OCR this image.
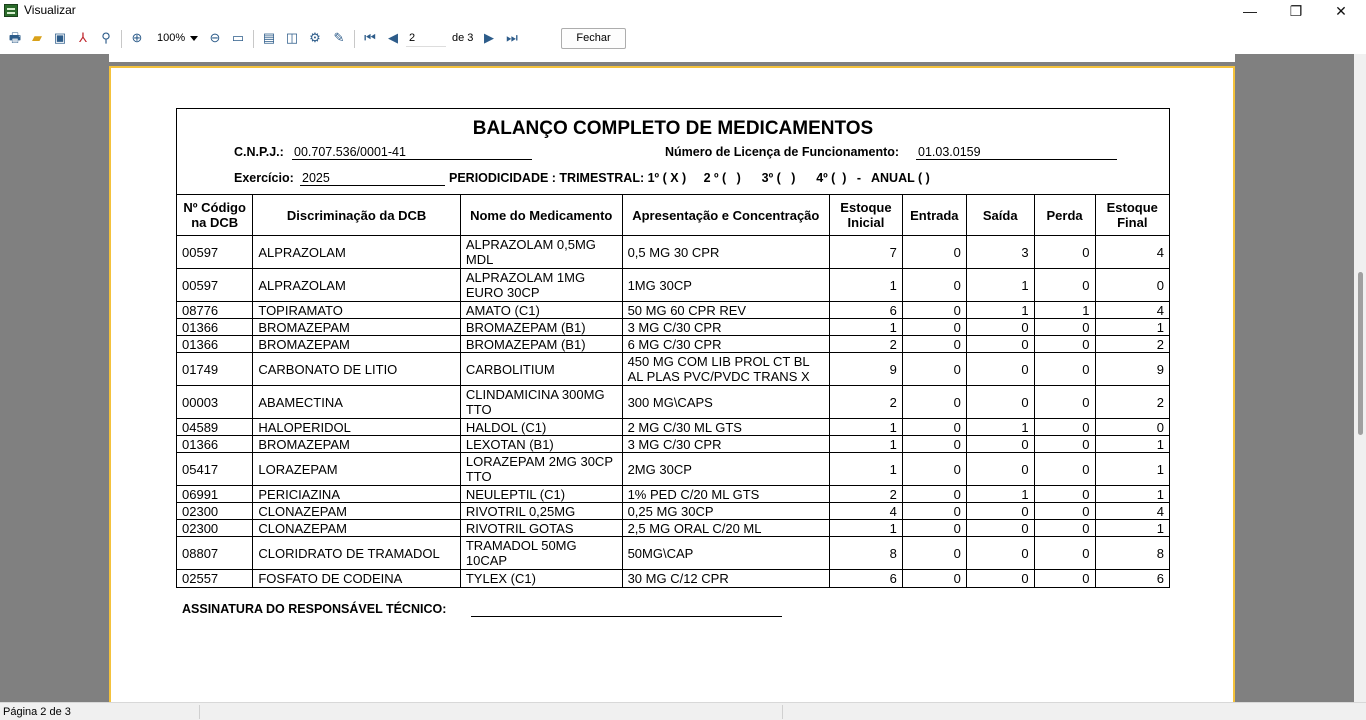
Visualizar	—	❐	✕
🖶 ▰ ▣ ⅄	⚲	⊕	100% ⊖ ▭ ▤ ◫ ⚙ ✎ ⏮ ◀
2	de 3 ▶ ⏭	Fechar
BALANÇO COMPLETO DE MEDICAMENTOS
C.N.P.J.: 00.707.536/0001-41	Número de Licença de Funcionamento: 01.03.0159
Exercício: 2025	PERIODICIDADE : TRIMESTRAL: 1º ( X )     2 º (   )      3º (   )      4º (  )   -   ANUAL ( )
Nº Código na DCB	Discriminação da DCB	Nome do Medicamento	Apresentação e Concentração	Estoque Inicial	Entrada	Saída	Perda	Estoque Final
00597	ALPRAZOLAM	ALPRAZOLAM 0,5MG MDL	0,5 MG 30 CPR	7	0	3	0	4
00597	ALPRAZOLAM	ALPRAZOLAM 1MG EURO 30CP	1MG 30CP	1	0	1	0	0
08776	TOPIRAMATO	AMATO (C1)	50 MG 60 CPR REV	6	0	1	1	4
01366	BROMAZEPAM	BROMAZEPAM (B1)	3 MG C/30 CPR	1	0	0	0	1
01366	BROMAZEPAM	BROMAZEPAM (B1)	6 MG C/30 CPR	2	0	0	0	2
01749	CARBONATO DE LITIO	CARBOLITIUM	450 MG COM LIB PROL CT BL AL PLAS PVC/PVDC TRANS X	9	0	0	0	9
00003	ABAMECTINA	CLINDAMICINA 300MG TTO	300 MG\CAPS	2	0	0	0	2
04589	HALOPERIDOL	HALDOL (C1)	2 MG C/30 ML GTS	1	0	1	0	0
01366	BROMAZEPAM	LEXOTAN (B1)	3 MG C/30 CPR	1	0	0	0	1
05417	LORAZEPAM	LORAZEPAM 2MG 30CP TTO	2MG 30CP	1	0	0	0	1
06991	PERICIAZINA	NEULEPTIL (C1)	1% PED C/20 ML GTS	2	0	1	0	1
02300	CLONAZEPAM	RIVOTRIL 0,25MG	0,25 MG 30CP	4	0	0	0	4
02300	CLONAZEPAM	RIVOTRIL GOTAS	2,5 MG ORAL C/20 ML	1	0	0	0	1
08807	CLORIDRATO DE TRAMADOL	TRAMADOL 50MG 10CAP	50MG\CAP	8	0	0	0	8
02557	FOSFATO DE CODEINA	TYLEX (C1)	30 MG C/12 CPR	6	0	0	0	6
ASSINATURA DO RESPONSÁVEL TÉCNICO:
Página 2 de 3
